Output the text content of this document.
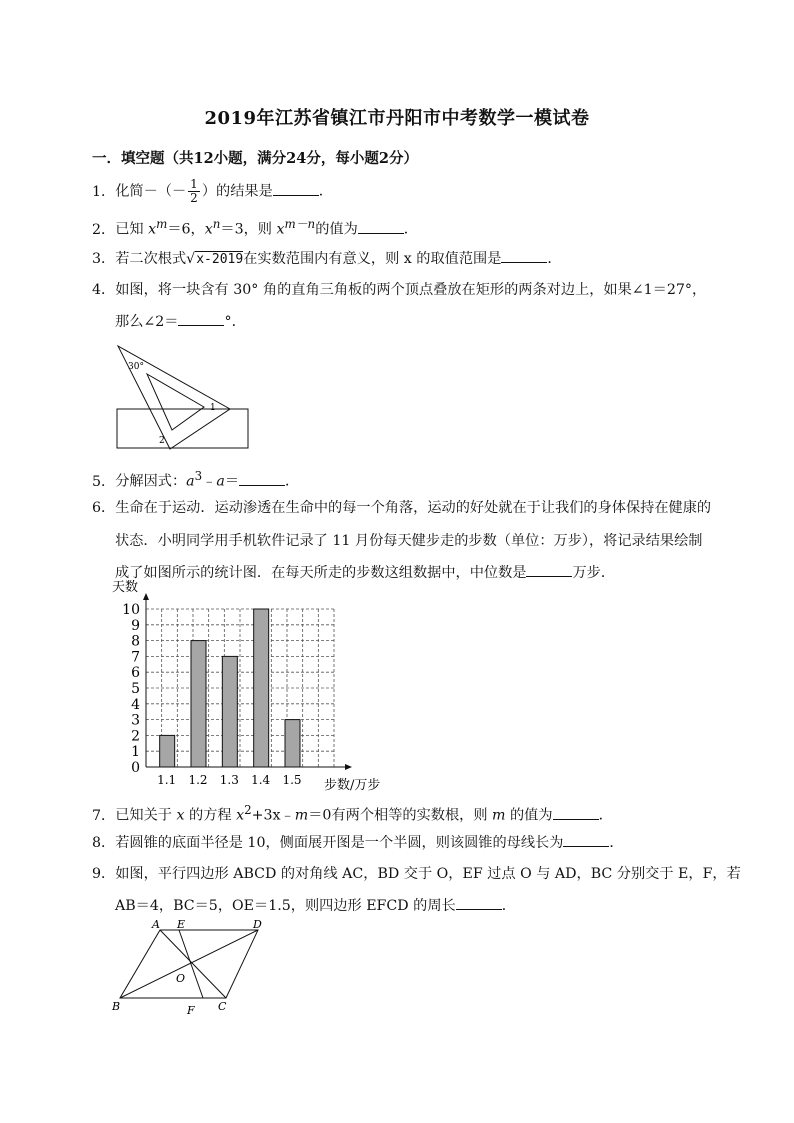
2019年江苏省镇江市丹阳市中考数学一模试卷
一．填空题（共12小题，满分24分，每小题2分）
1．化简－（－ $\frac{1}{2}$ ）的结果是	．
2．已知 $x^m=6$，$x^n=3$，则 $x^{m-n}$的值为	．
3．若二次根式√x-2019在实数范围内有意义，则 x 的取值范围是	．
4．如图，将一块含有 30° 角的直角三角板的两个顶点叠放在矩形的两条对边上，如果∠1＝27°，
那么∠2＝	°．
30°
1
2
5．分解因式：$a^3﹣a=$	．
6．生命在于运动．运动渗透在生命中的每一个角落，运动的好处就在于让我们的身体保持在健康的
状态．小明同学用手机软件记录了 11 月份每天健步走的步数（单位：万步），将记录结果绘制
成了如图所示的统计图．在每天所走的步数这组数据中，中位数是	万步．
0
1
2
3
4
5
6
7
8
9
10
1.1 1.2 1.3 1.4 1.5
天数
步数/万步
7．已知关于 x 的方程 $x^2+3x﹣m=0$有两个相等的实数根，则 m 的值为	．
8．若圆锥的底面半径是 10，侧面展开图是一个半圆，则该圆锥的母线长为	．
9．如图，平行四边形 ABCD 的对角线 AC，BD 交于 O，EF 过点 O 与 AD，BC 分别交于 E，F，若
AB＝4，BC＝5，OE＝1.5，则四边形 EFCD 的周长	．
A E	D
O
B	F C
